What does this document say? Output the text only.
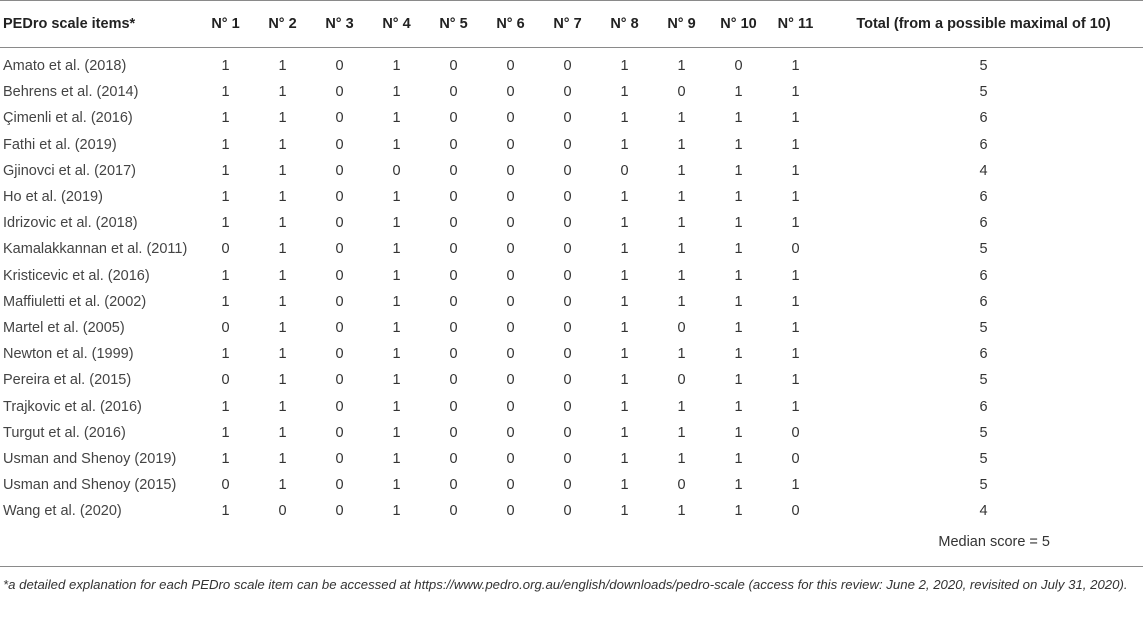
PEDro scale items*	N° 1	N° 2	N° 3	N° 4	N° 5	N° 6	N° 7	N° 8	N° 9	N° 10	N° 11	Total (from a possible maximal of 10)
Amato et al. (2018)	1	1	0	1	0	0	0	1	1	0	1	5
Behrens et al. (2014)	1	1	0	1	0	0	0	1	0	1	1	5
Çimenli et al. (2016)	1	1	0	1	0	0	0	1	1	1	1	6
Fathi et al. (2019)	1	1	0	1	0	0	0	1	1	1	1	6
Gjinovci et al. (2017)	1	1	0	0	0	0	0	0	1	1	1	4
Ho et al. (2019)	1	1	0	1	0	0	0	1	1	1	1	6
Idrizovic et al. (2018)	1	1	0	1	0	0	0	1	1	1	1	6
Kamalakkannan et al. (2011)	0	1	0	1	0	0	0	1	1	1	0	5
Kristicevic et al. (2016)	1	1	0	1	0	0	0	1	1	1	1	6
Maffiuletti et al. (2002)	1	1	0	1	0	0	0	1	1	1	1	6
Martel et al. (2005)	0	1	0	1	0	0	0	1	0	1	1	5
Newton et al. (1999)	1	1	0	1	0	0	0	1	1	1	1	6
Pereira et al. (2015)	0	1	0	1	0	0	0	1	0	1	1	5
Trajkovic et al. (2016)	1	1	0	1	0	0	0	1	1	1	1	6
Turgut et al. (2016)	1	1	0	1	0	0	0	1	1	1	0	5
Usman and Shenoy (2019)	1	1	0	1	0	0	0	1	1	1	0	5
Usman and Shenoy (2015)	0	1	0	1	0	0	0	1	0	1	1	5
Wang et al. (2020)	1	0	0	1	0	0	0	1	1	1	0	4
Median score = 5
*a detailed explanation for each PEDro scale item can be accessed at https://www.pedro.org.au/english/downloads/pedro-scale (access for this review: June 2, 2020, revisited on July 31, 2020).
